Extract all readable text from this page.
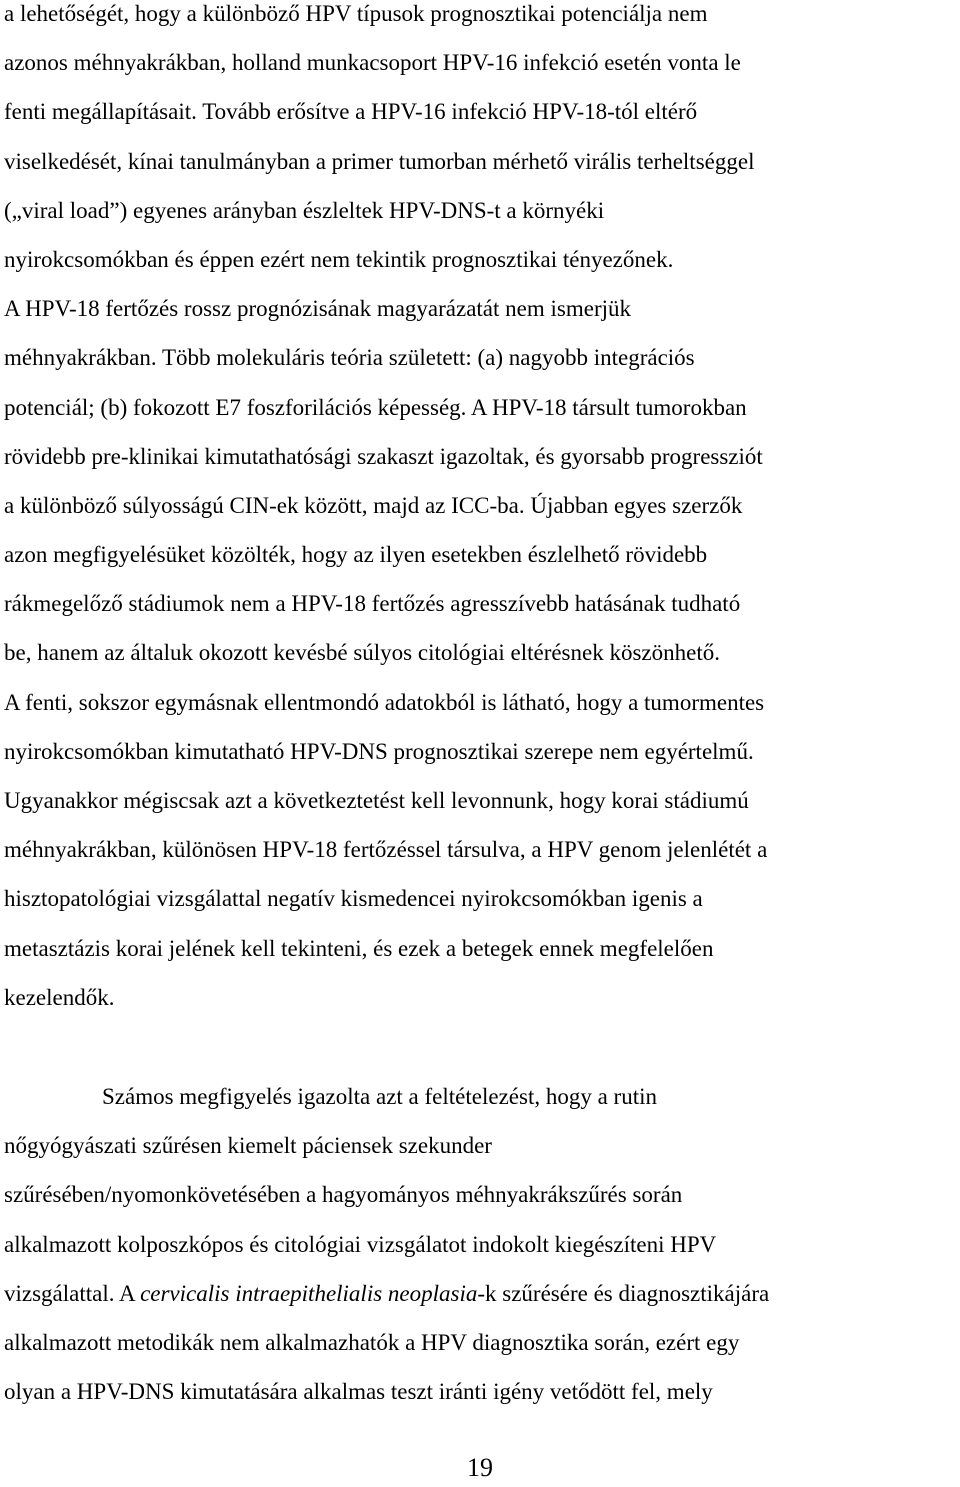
a lehetőségét, hogy a különböző HPV típusok prognosztikai potenciálja nem
azonos méhnyakrákban, holland munkacsoport HPV-16 infekció esetén vonta le
fenti megállapításait. Tovább erősítve a HPV-16 infekció HPV-18-tól eltérő
viselkedését, kínai tanulmányban a primer tumorban mérhető virális terheltséggel
(„viral load”) egyenes arányban észleltek HPV-DNS-t a környéki
nyirokcsomókban és éppen ezért nem tekintik prognosztikai tényezőnek.
A HPV-18 fertőzés rossz prognózisának magyarázatát nem ismerjük
méhnyakrákban. Több molekuláris teória született: (a) nagyobb integrációs
potenciál; (b) fokozott E7 foszforilációs képesség. A HPV-18 társult tumorokban
rövidebb pre-klinikai kimutathatósági szakaszt igazoltak, és gyorsabb progressziót
a különböző súlyosságú CIN-ek között, majd az ICC-ba. Újabban egyes szerzők
azon megfigyelésüket közölték, hogy az ilyen esetekben észlelhető rövidebb
rákmegelőző stádiumok nem a HPV-18 fertőzés agresszívebb hatásának tudható
be, hanem az általuk okozott kevésbé súlyos citológiai eltérésnek köszönhető.
A fenti, sokszor egymásnak ellentmondó adatokból is látható, hogy a tumormentes
nyirokcsomókban kimutatható HPV-DNS prognosztikai szerepe nem egyértelmű.
Ugyanakkor mégiscsak azt a következtetést kell levonnunk, hogy korai stádiumú
méhnyakrákban, különösen HPV-18 fertőzéssel társulva, a HPV genom jelenlétét a
hisztopatológiai vizsgálattal negatív kismedencei nyirokcsomókban igenis a
metasztázis korai jelének kell tekinteni, és ezek a betegek ennek megfelelően
kezelendők.
Számos megfigyelés igazolta azt a feltételezést, hogy a rutin
nőgyógyászati szűrésen kiemelt páciensek szekunder
szűrésében/nyomonkövetésében a hagyományos méhnyakrákszűrés során
alkalmazott kolposzkópos és citológiai vizsgálatot indokolt kiegészíteni HPV
vizsgálattal. A cervicalis intraepithelialis neoplasia-k szűrésére és diagnosztikájára
alkalmazott metodikák nem alkalmazhatók a HPV diagnosztika során, ezért egy
olyan a HPV-DNS kimutatására alkalmas teszt iránti igény vetődött fel, mely
19
